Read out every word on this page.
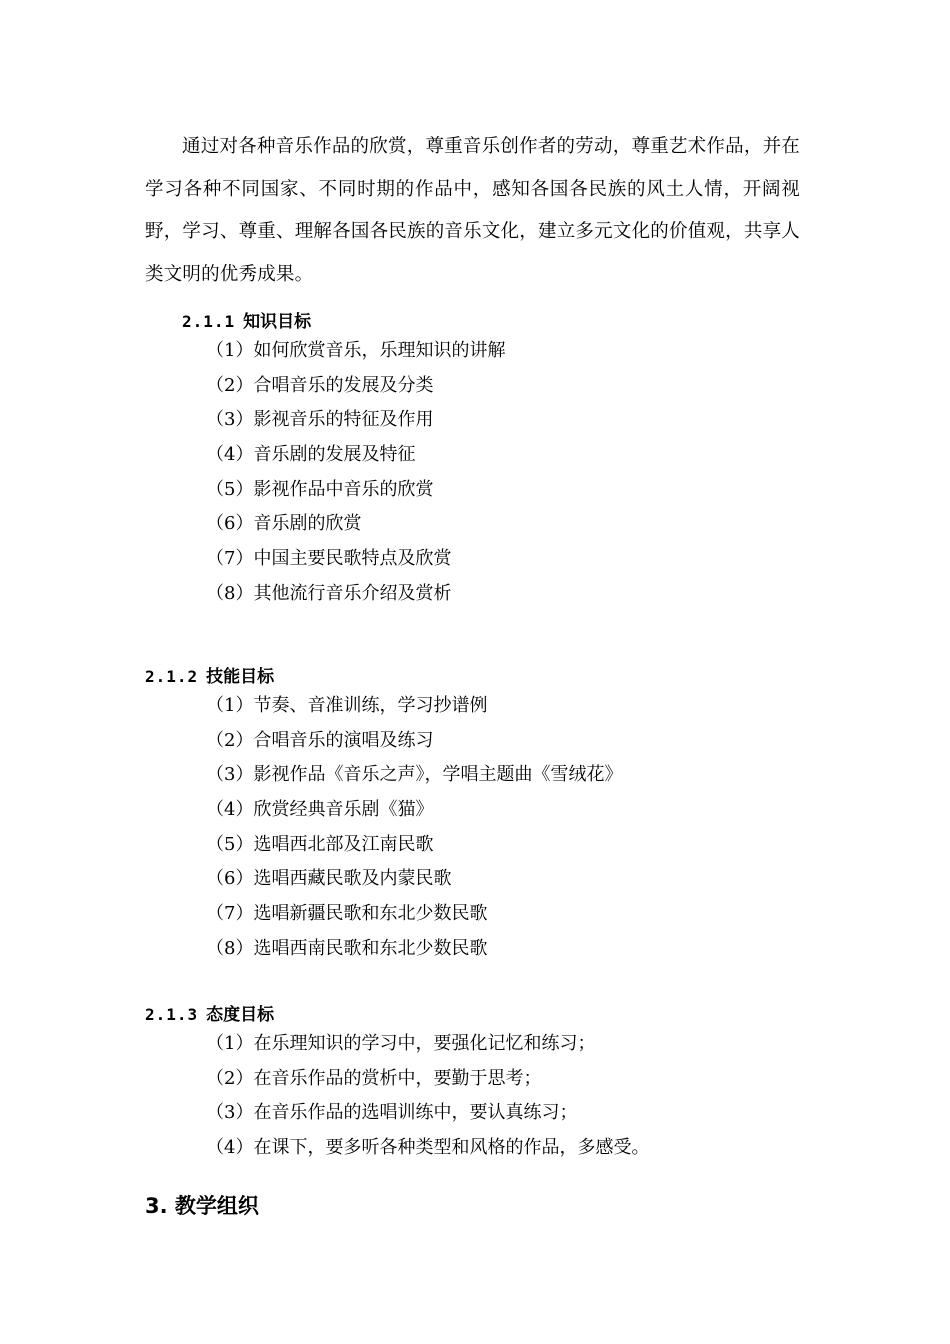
通过对各种音乐作品的欣赏，尊重音乐创作者的劳动，尊重艺术作品，并在学习各种不同国家、不同时期的作品中，感知各国各民族的风土人情，开阔视野，学习、尊重、理解各国各民族的音乐文化，建立多元文化的价值观，共享人类文明的优秀成果。

2.1.1 知识目标
（1）如何欣赏音乐，乐理知识的讲解
（2）合唱音乐的发展及分类
（3）影视音乐的特征及作用
（4）音乐剧的发展及特征
（5）影视作品中音乐的欣赏
（6）音乐剧的欣赏
（7）中国主要民歌特点及欣赏
（8）其他流行音乐介绍及赏析
2.1.2 技能目标
（1）节奏、音准训练，学习抄谱例
（2）合唱音乐的演唱及练习
（3）影视作品《音乐之声》，学唱主题曲《雪绒花》
（4）欣赏经典音乐剧《猫》
（5）选唱西北部及江南民歌
（6）选唱西藏民歌及内蒙民歌
（7）选唱新疆民歌和东北少数民歌
（8）选唱西南民歌和东北少数民歌
2.1.3 态度目标
（1）在乐理知识的学习中，要强化记忆和练习；
（2）在音乐作品的赏析中，要勤于思考；
（3）在音乐作品的选唱训练中，要认真练习；
（4）在课下，要多听各种类型和风格的作品，多感受。
3. 教学组织
